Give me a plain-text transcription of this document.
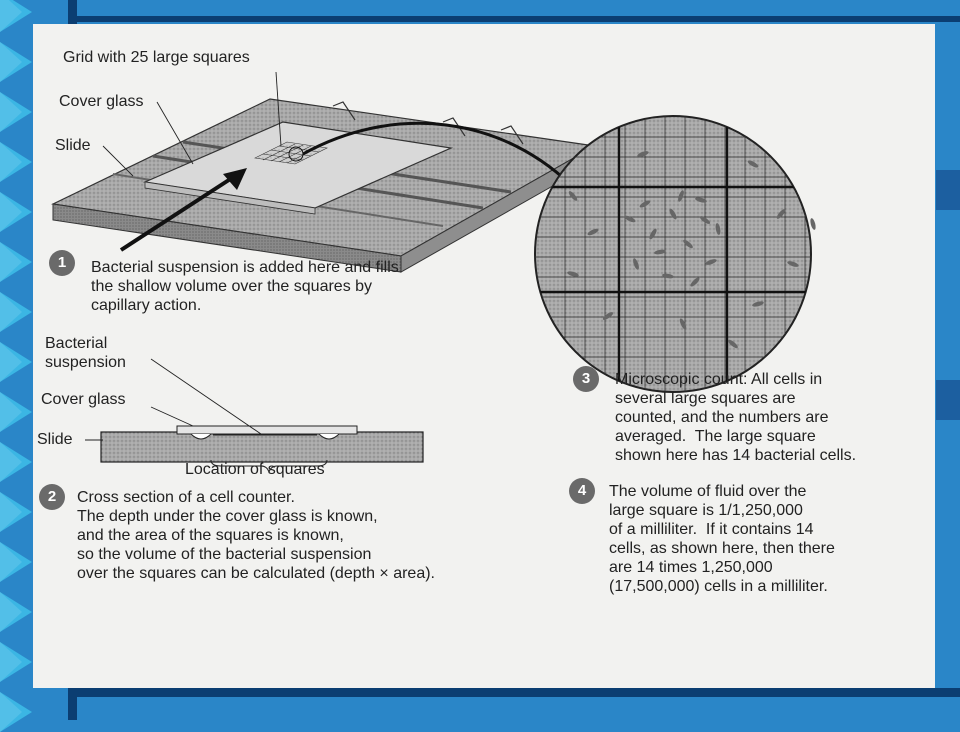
Grid with 25 large squares
Cover glass
Slide
1	Bacterial suspension is added here and fills the shallow volume over the squares by capillary action.
Bacterial
suspension
Cover glass
Slide
Location of squares
2	Cross section of a cell counter.
The depth under the cover glass is known,
and the area of the squares is known,
so the volume of the bacterial suspension
over the squares can be calculated (depth × area).
3	Microscopic count: All cells in
several large squares are
counted, and the numbers are
averaged.  The large square
shown here has 14 bacterial cells.
4	The volume of fluid over the
large square is 1/1,250,000
of a milliliter.  If it contains 14
cells, as shown here, then there
are 14 times 1,250,000
(17,500,000) cells in a milliliter.
